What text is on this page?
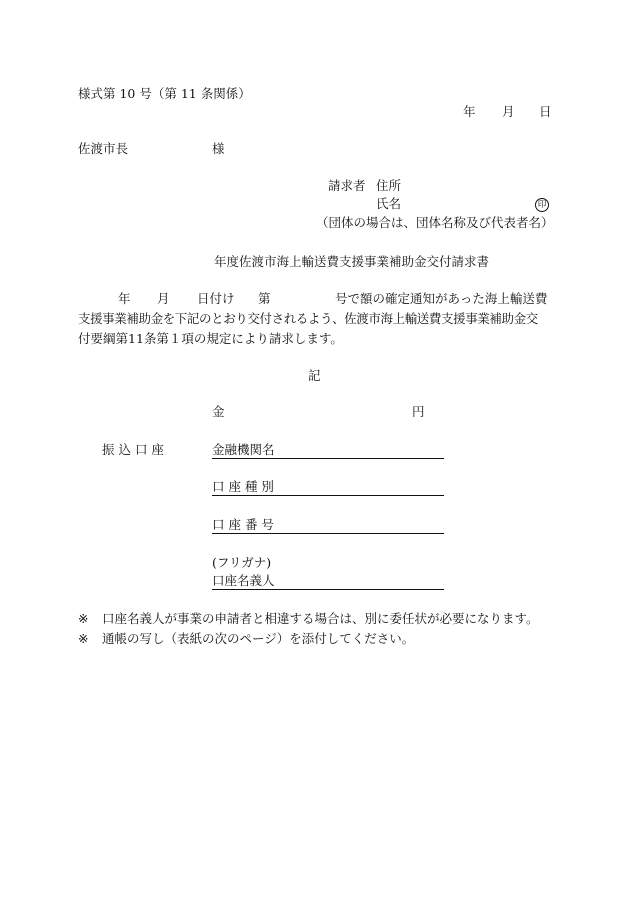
様式第 10 号（第 11 条関係）
年 月 日
佐渡市長	様
請求者 住所
氏名	印
（団体の場合は、団体名称及び代表者名）
年度佐渡市海上輸送費支援事業補助金交付請求書
年 月 日付け 第	号で額の確定通知があった海上輸送費
支援事業補助金を下記のとおり交付されるよう、佐渡市海上輸送費支援事業補助金交
付要綱第11条第１項の規定により請求します。
記
金	円
振 込 口 座	金融機関名
口 座 種 別
口 座 番 号
(フリガナ)
口座名義人
※ 口座名義人が事業の申請者と相違する場合は、別に委任状が必要になります。
※ 通帳の写し（表紙の次のページ）を添付してください。
